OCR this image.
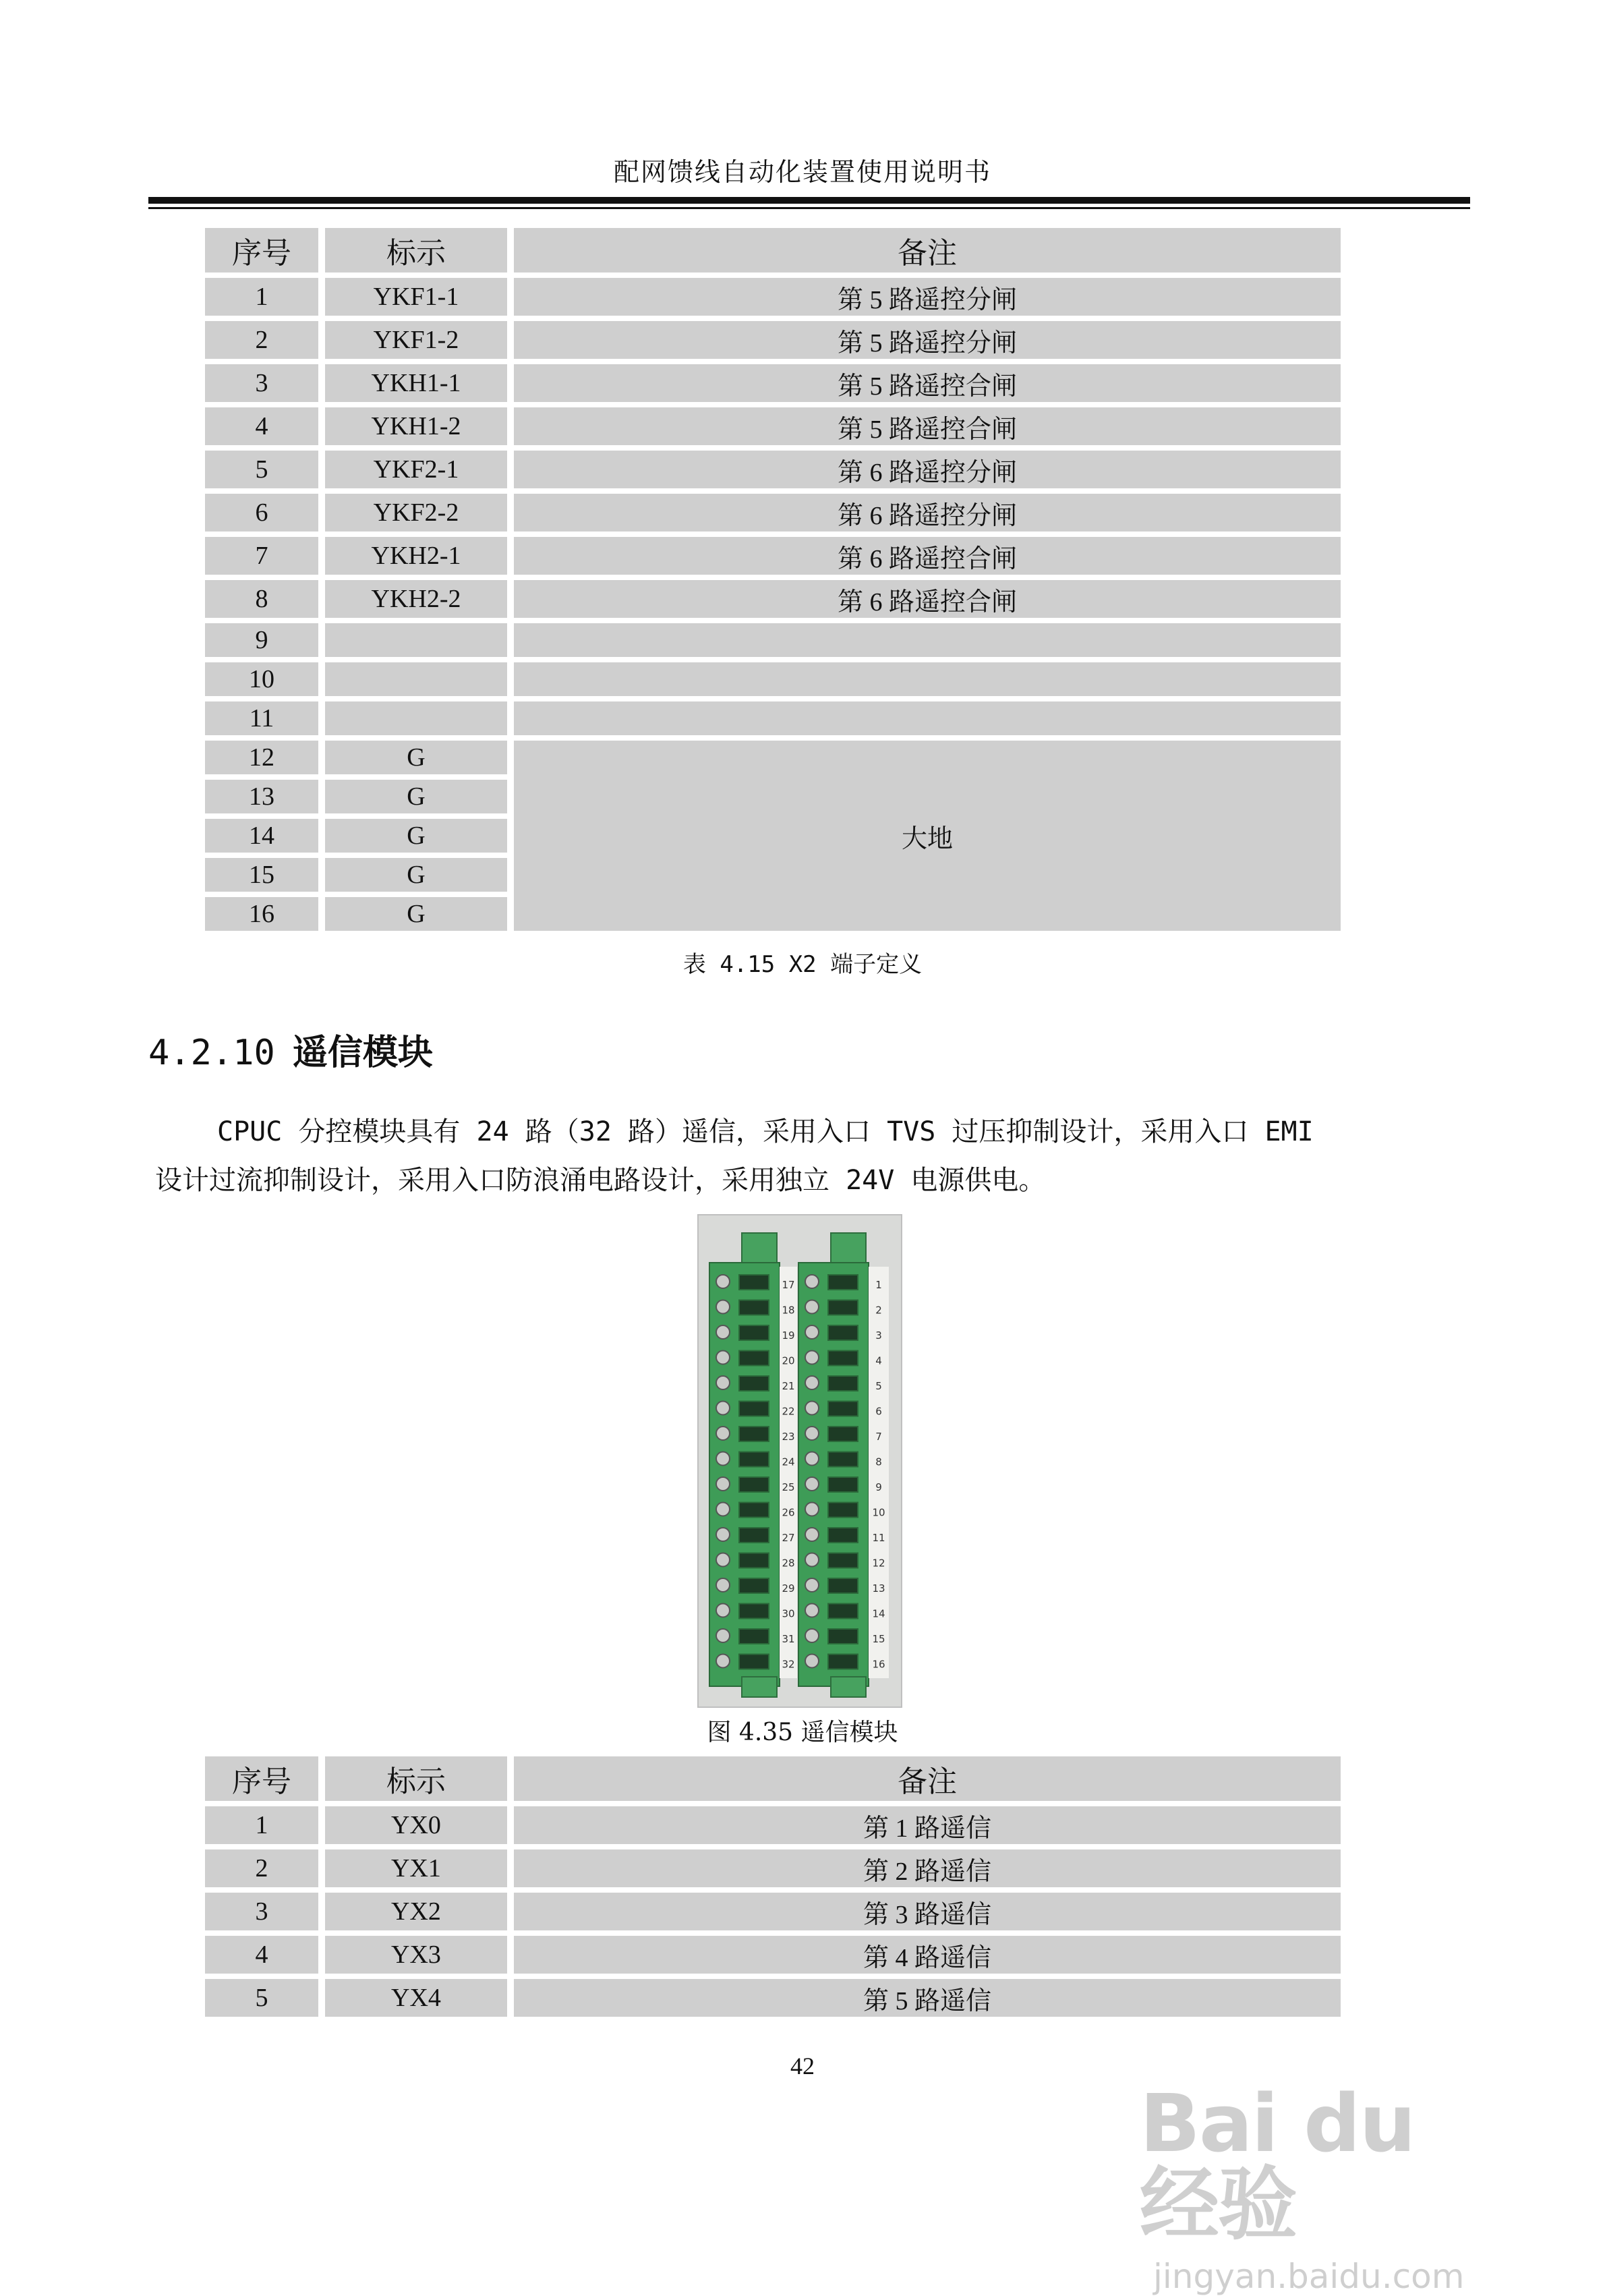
配网馈线自动化装置使用说明书
序号	标示	备注
1	YKF1-1	第 5 路遥控分闸
2	YKF1-2	第 5 路遥控分闸
3	YKH1-1	第 5 路遥控合闸
4	YKH1-2	第 5 路遥控合闸
5	YKF2-1	第 6 路遥控分闸
6	YKF2-2	第 6 路遥控分闸
7	YKH2-1	第 6 路遥控合闸
8	YKH2-2	第 6 路遥控合闸
9		
10		
11		
12	G	大地
13	G	
14	G	
15	G	
16	G	
表 4.15 X2 端子定义
4.2.10 遥信模块
CPUC 分控模块具有 24 路（32 路）遥信，采用入口 TVS 过压抑制设计，采用入口 EMI
设计过流抑制设计，采用入口防浪涌电路设计，采用独立 24V 电源供电。
17	1
18	2
19	3
20	4
21	5
22	6
23	7
24	8
25	9
26	10
27	11
28	12
29	13
30	14
31	15
32	16
图 4.35 遥信模块
序号	标示	备注
1	YX0	第 1 路遥信
2	YX1	第 2 路遥信
3	YX2	第 3 路遥信
4	YX3	第 4 路遥信
5	YX4	第 5 路遥信
42
Bai du 经验
jingyan.baidu.com
